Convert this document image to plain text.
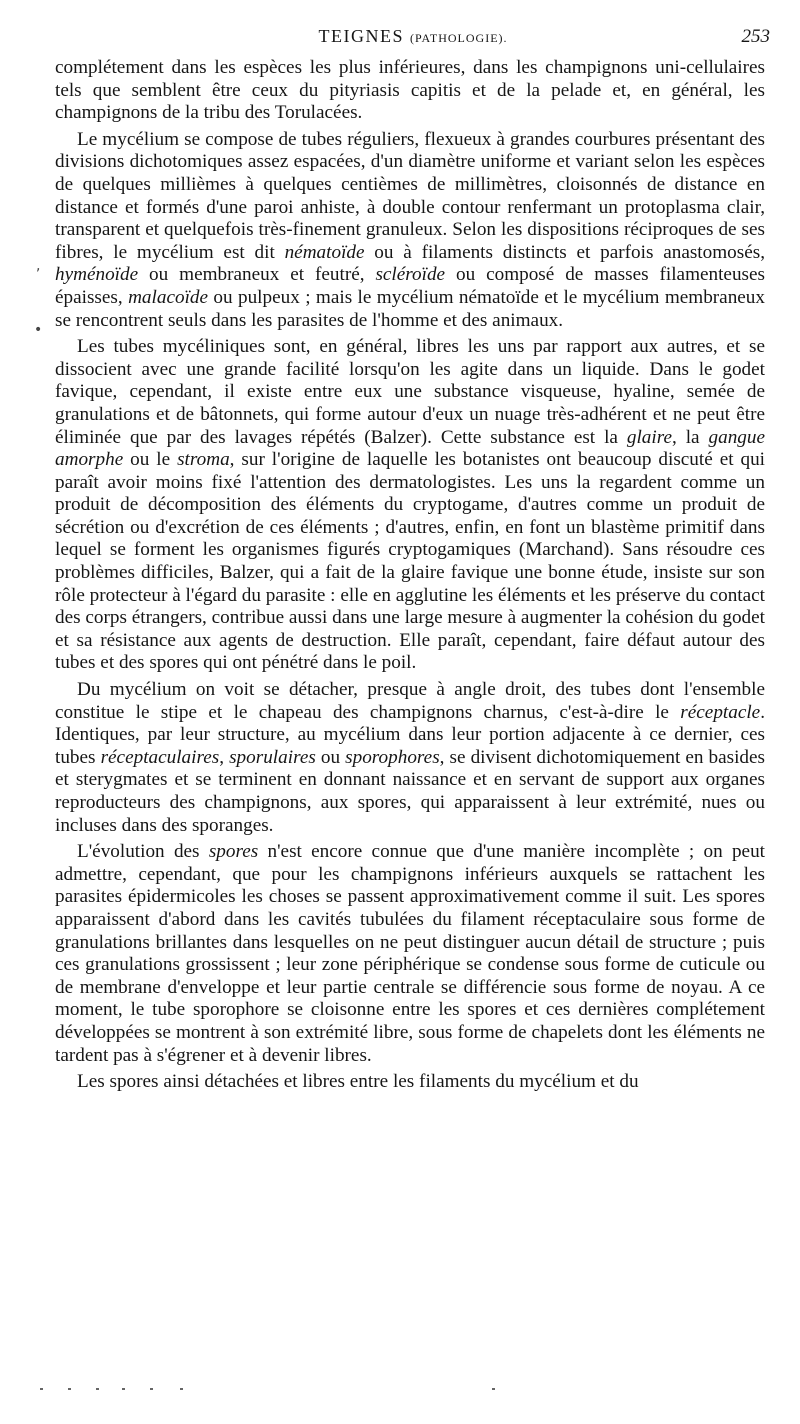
TEIGNES (PATHOLOGIE).	253

complétement dans les espèces les plus inférieures, dans les champignons uni-cellulaires tels que semblent être ceux du pityriasis capitis et de la pelade et, en général, les champignons de la tribu des Torulacées.

Le mycélium se compose de tubes réguliers, flexueux à grandes courbures présentant des divisions dichotomiques assez espacées, d'un diamètre uniforme et variant selon les espèces de quelques millièmes à quelques centièmes de millimètres, cloisonnés de distance en distance et formés d'une paroi anhiste, à double contour renfermant un protoplasma clair, transparent et quelquefois très-finement granuleux. Selon les dispositions réciproques de ses fibres, le mycélium est dit nématoïde ou à filaments distincts et parfois anastomosés, hyménoïde ou membraneux et feutré, scléroïde ou composé de masses filamenteuses épaisses, malacoïde ou pulpeux ; mais le mycélium nématoïde et le mycélium membraneux se rencontrent seuls dans les parasites de l'homme et des animaux.

Les tubes mycéliniques sont, en général, libres les uns par rapport aux autres, et se dissocient avec une grande facilité lorsqu'on les agite dans un liquide. Dans le godet favique, cependant, il existe entre eux une substance visqueuse, hyaline, semée de granulations et de bâtonnets, qui forme autour d'eux un nuage très-adhérent et ne peut être éliminée que par des lavages répétés (Balzer). Cette substance est la glaire, la gangue amorphe ou le stroma, sur l'origine de laquelle les botanistes ont beaucoup discuté et qui paraît avoir moins fixé l'attention des dermatologistes. Les uns la regardent comme un produit de décomposition des éléments du cryptogame, d'autres comme un produit de sécrétion ou d'excrétion de ces éléments ; d'autres, enfin, en font un blastème primitif dans lequel se forment les organismes figurés cryptogamiques (Marchand). Sans résoudre ces problèmes difficiles, Balzer, qui a fait de la glaire favique une bonne étude, insiste sur son rôle protecteur à l'égard du parasite : elle en agglutine les éléments et les préserve du contact des corps étrangers, contribue aussi dans une large mesure à augmenter la cohésion du godet et sa résistance aux agents de destruction. Elle paraît, cependant, faire défaut autour des tubes et des spores qui ont pénétré dans le poil.

Du mycélium on voit se détacher, presque à angle droit, des tubes dont l'ensemble constitue le stipe et le chapeau des champignons charnus, c'est-à-dire le réceptacle. Identiques, par leur structure, au mycélium dans leur portion adjacente à ce dernier, ces tubes réceptaculaires, sporulaires ou sporophores, se divisent dichotomiquement en basides et sterygmates et se terminent en donnant naissance et en servant de support aux organes reproducteurs des champignons, aux spores, qui apparaissent à leur extrémité, nues ou incluses dans des sporanges.

L'évolution des spores n'est encore connue que d'une manière incomplète ; on peut admettre, cependant, que pour les champignons inférieurs auxquels se rattachent les parasites épidermicoles les choses se passent approximativement comme il suit. Les spores apparaissent d'abord dans les cavités tubulées du filament réceptaculaire sous forme de granulations brillantes dans lesquelles on ne peut distinguer aucun détail de structure ; puis ces granulations grossissent ; leur zone périphérique se condense sous forme de cuticule ou de membrane d'enveloppe et leur partie centrale se différencie sous forme de noyau. A ce moment, le tube sporophore se cloisonne entre les spores et ces dernières complétement développées se montrent à son extrémité libre, sous forme de chapelets dont les éléments ne tardent pas à s'égrener et à devenir libres.

Les spores ainsi détachées et libres entre les filaments du mycélium et du

,
•
